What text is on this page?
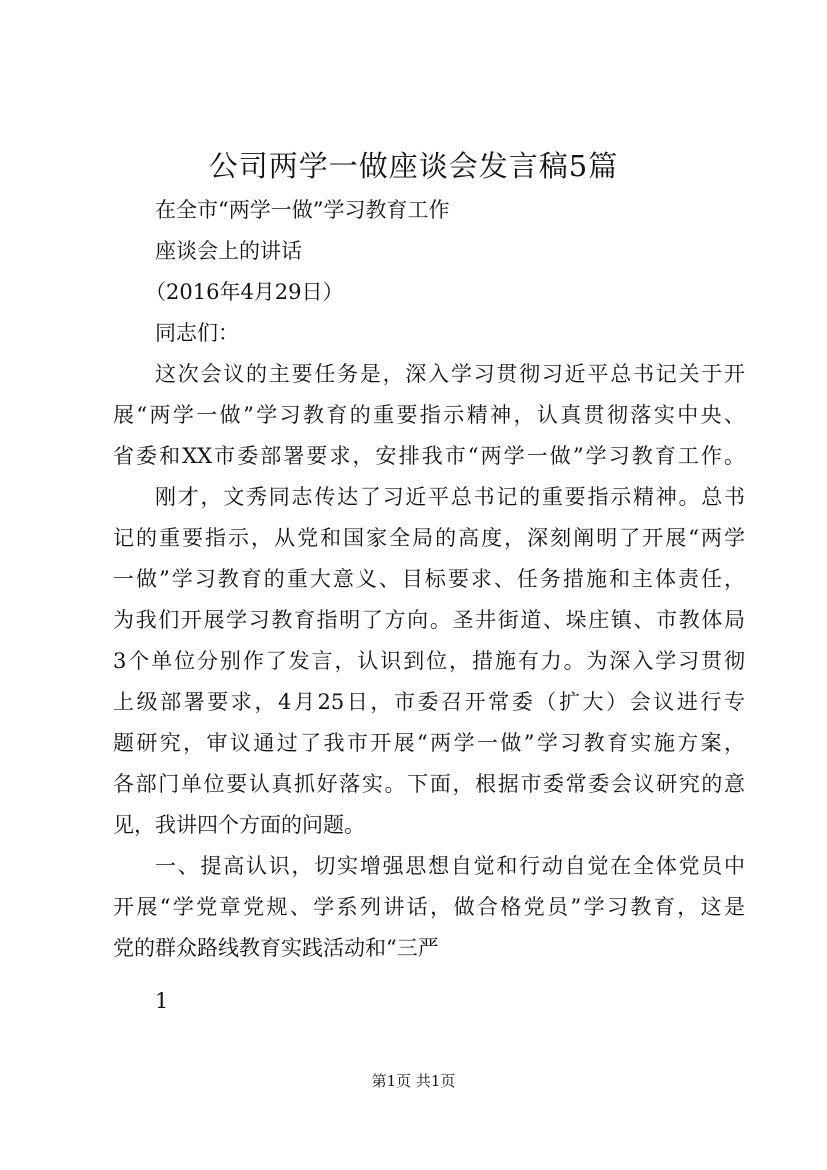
公司两学一做座谈会发言稿5篇
在全市“两学一做”学习教育工作
座谈会上的讲话
（2016年4月29日）
同志们：
这次会议的主要任务是，深入学习贯彻习近平总书记关于开
展“两学一做”学习教育的重要指示精神，认真贯彻落实中央、
省委和XX市委部署要求，安排我市“两学一做”学习教育工作。
刚才，文秀同志传达了习近平总书记的重要指示精神。总书
记的重要指示，从党和国家全局的高度，深刻阐明了开展“两学
一做”学习教育的重大意义、目标要求、任务措施和主体责任，
为我们开展学习教育指明了方向。圣井街道、垛庄镇、市教体局
3个单位分别作了发言，认识到位，措施有力。为深入学习贯彻
上级部署要求，4月25日，市委召开常委（扩大）会议进行专
题研究，审议通过了我市开展“两学一做”学习教育实施方案，
各部门单位要认真抓好落实。下面，根据市委常委会议研究的意
见，我讲四个方面的问题。
一、提高认识，切实增强思想自觉和行动自觉在全体党员中
开展“学党章党规、学系列讲话，做合格党员”学习教育，这是
党的群众路线教育实践活动和“三严
1
第1页 共1页
